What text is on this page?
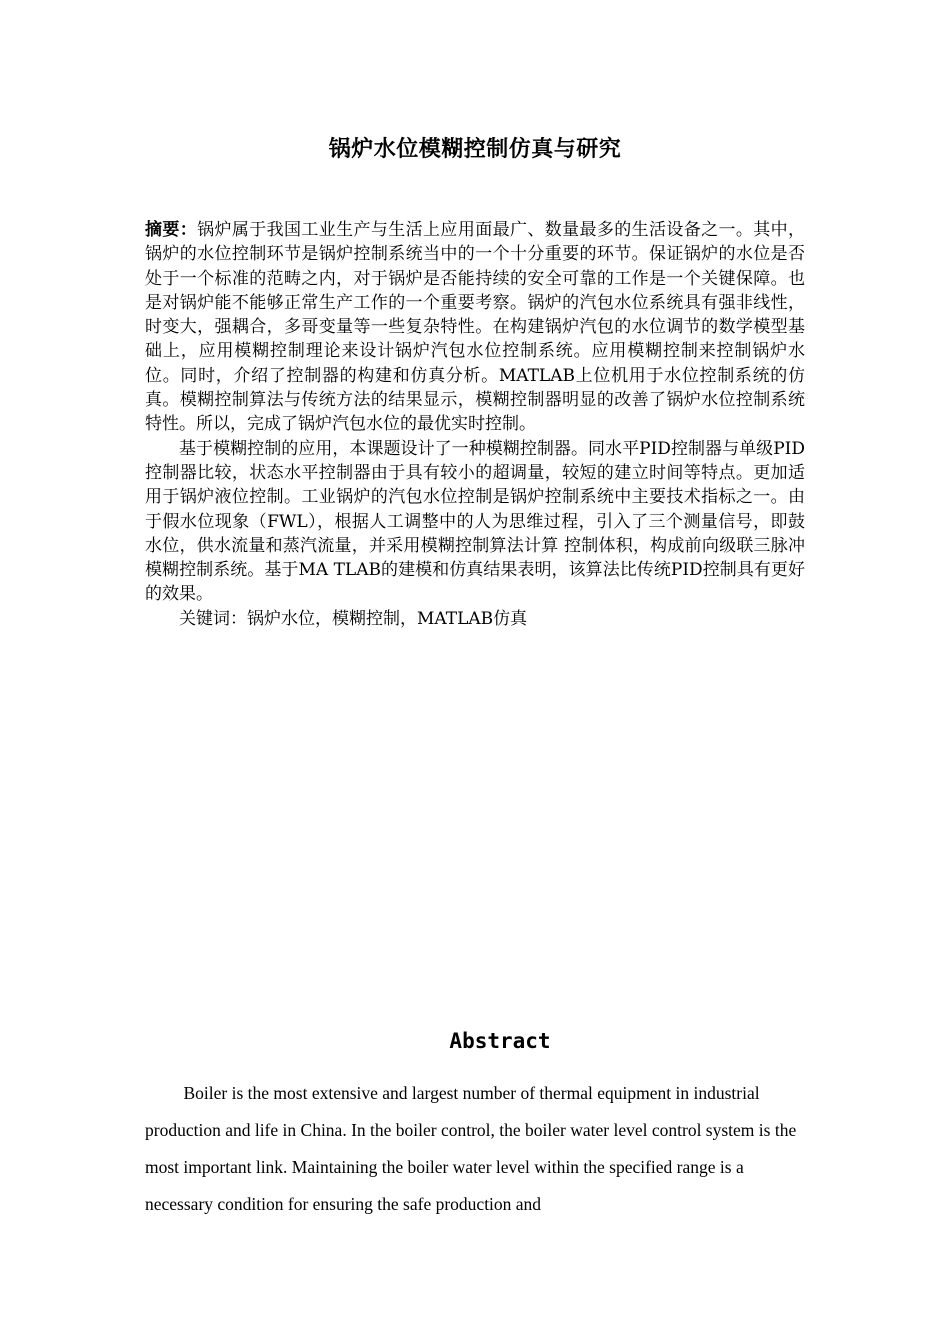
锅炉水位模糊控制仿真与研究

摘要：锅炉属于我国工业生产与生活上应用面最广、数量最多的生活设备之一。其中，锅炉的水位控制环节是锅炉控制系统当中的一个十分重要的环节。保证锅炉的水位是否处于一个标准的范畴之内，对于锅炉是否能持续的安全可靠的工作是一个关键保障。也是对锅炉能不能够正常生产工作的一个重要考察。锅炉的汽包水位系统具有强非线性，时变大，强耦合，多哥变量等一些复杂特性。在构建锅炉汽包的水位调节的数学模型基础上，应用模糊控制理论来设计锅炉汽包水位控制系统。应用模糊控制来控制锅炉水位。同时，介绍了控制器的构建和仿真分析。MATLAB上位机用于水位控制系统的仿真。模糊控制算法与传统方法的结果显示，模糊控制器明显的改善了锅炉水位控制系统特性。所以，完成了锅炉汽包水位的最优实时控制。

基于模糊控制的应用，本课题设计了一种模糊控制器。同水平PID控制器与单级PID控制器比较，状态水平控制器由于具有较小的超调量，较短的建立时间等特点。更加适用于锅炉液位控制。工业锅炉的汽包水位控制是锅炉控制系统中主要技术指标之一。由于假水位现象（FWL），根据人工调整中的人为思维过程，引入了三个测量信号，即鼓水位，供水流量和蒸汽流量，并采用模糊控制算法计算 控制体积，构成前向级联三脉冲模糊控制系统。基于MA TLAB的建模和仿真结果表明，该算法比传统PID控制具有更好的效果。

关键词：锅炉水位，模糊控制，MATLAB仿真

Abstract

Boiler is the most extensive and largest number of thermal equipment in industrial production and life in China. In the boiler control, the boiler water level control system is the most important link. Maintaining the boiler water level within the specified range is a necessary condition for ensuring the safe production and
